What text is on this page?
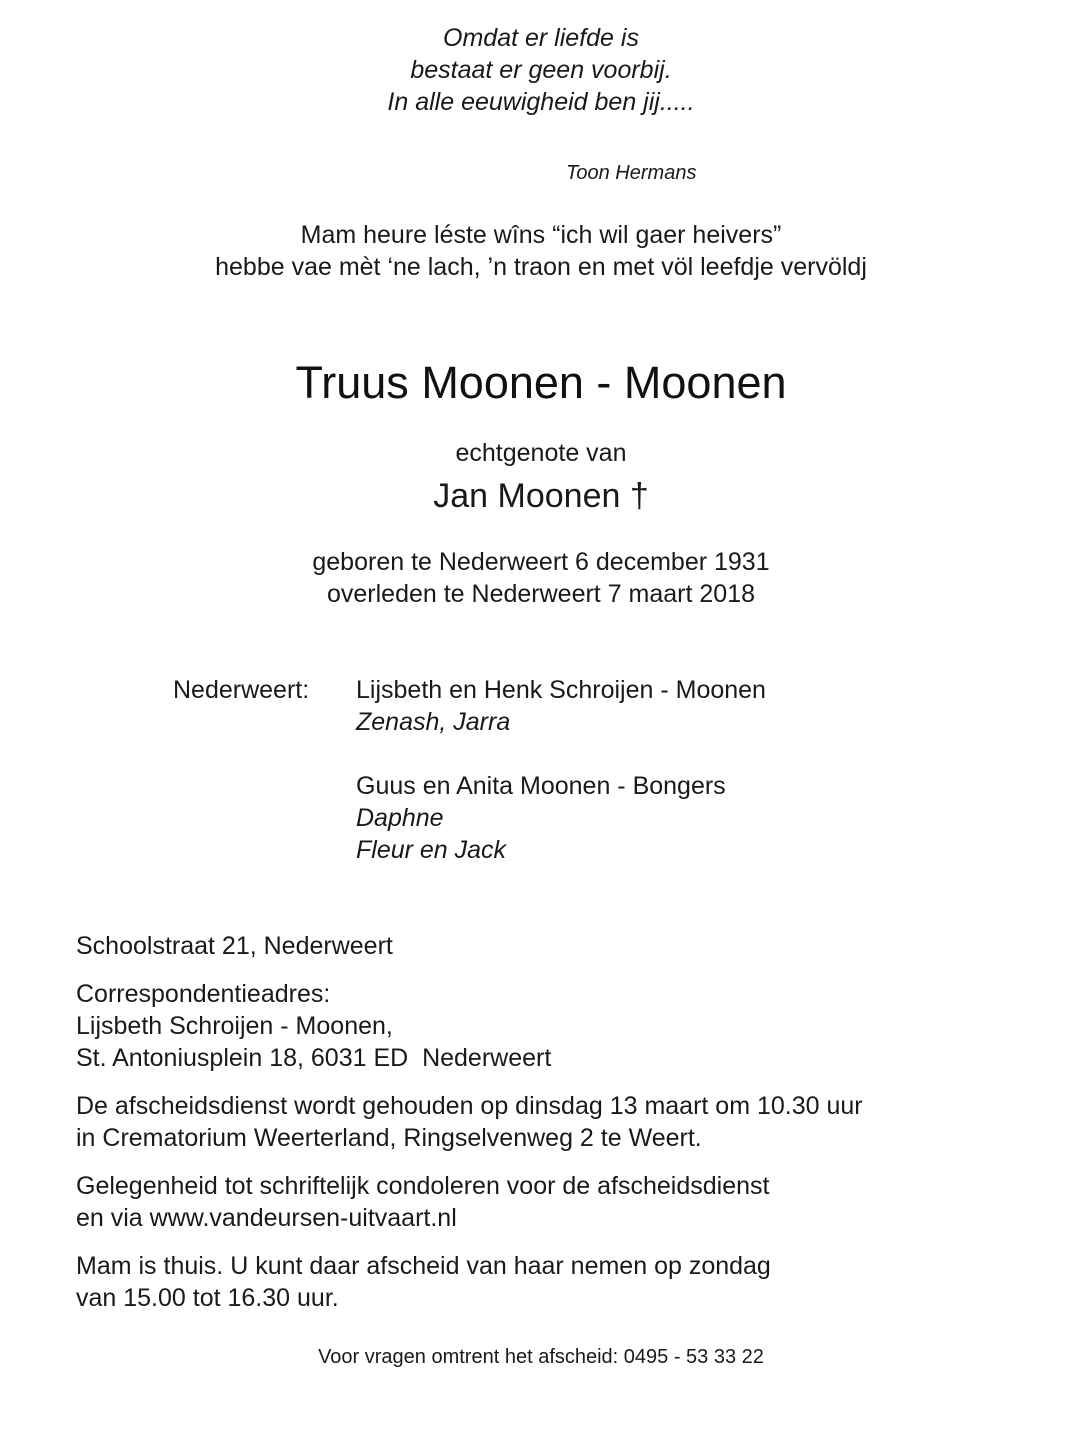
Omdat er liefde is
bestaat er geen voorbij.
In alle eeuwigheid ben jij.....
Toon Hermans
Mam heure léste wîns “ich wil gaer heivers”
hebbe vae mèt ‘ne lach, ’n traon en met völ leefdje vervöldj
Truus Moonen - Moonen
echtgenote van
Jan Moonen †
geboren te Nederweert 6 december 1931
overleden te Nederweert 7 maart 2018
Nederweert: Lijsbeth en Henk Schroijen - Moonen
Zenash, Jarra
Guus en Anita Moonen - Bongers
Daphne
Fleur en Jack
Schoolstraat 21, Nederweert
Correspondentieadres:
Lijsbeth Schroijen - Moonen,
St. Antoniusplein 18, 6031 ED  Nederweert
De afscheidsdienst wordt gehouden op dinsdag 13 maart om 10.30 uur
in Crematorium Weerterland, Ringselvenweg 2 te Weert.
Gelegenheid tot schriftelijk condoleren voor de afscheidsdienst
en via www.vandeursen-uitvaart.nl
Mam is thuis. U kunt daar afscheid van haar nemen op zondag
van 15.00 tot 16.30 uur.
Voor vragen omtrent het afscheid: 0495 - 53 33 22
